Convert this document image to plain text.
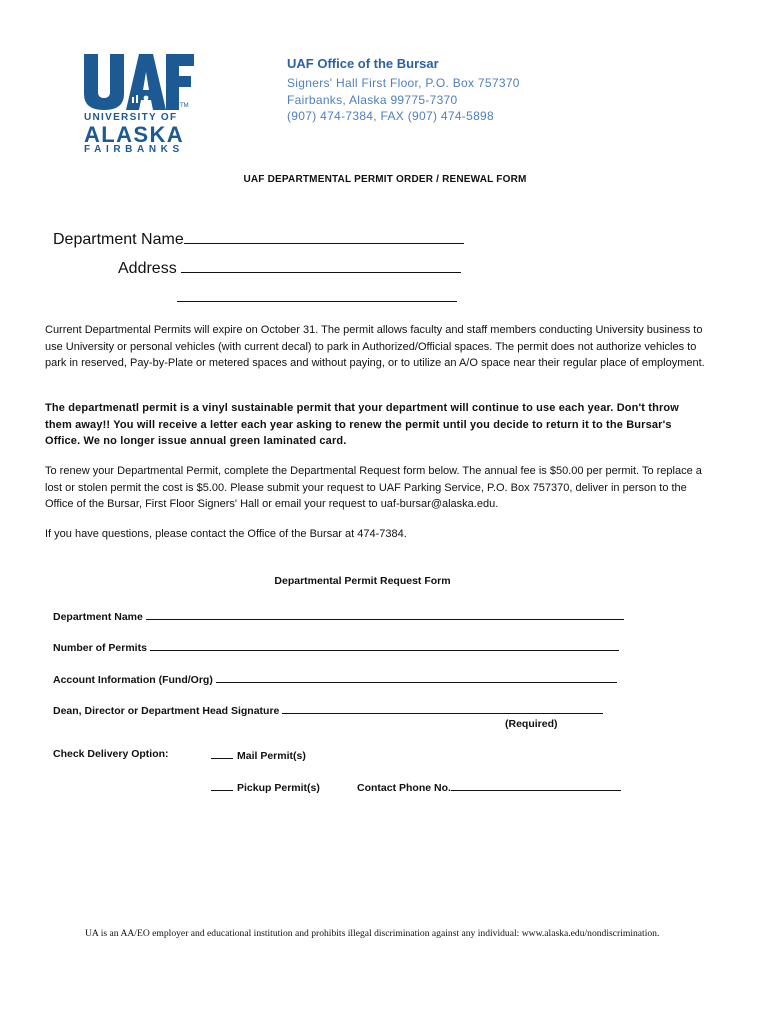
TM
UNIVERSITY OF
ALASKA
FAIRBANKS
UAF Office of the Bursar
Signers' Hall First Floor, P.O. Box 757370
Fairbanks, Alaska 99775-7370
(907) 474-7384, FAX (907) 474-5898
UAF DEPARTMENTAL PERMIT ORDER / RENEWAL FORM
Department Name
Address
Current Departmental Permits will expire on October 31. The permit allows faculty and staff members conducting University business to use University or personal vehicles (with current decal) to park in Authorized/Official spaces. The permit does not authorize vehicles to park in reserved, Pay-by-Plate or metered spaces and without paying, or to utilize an A/O space near their regular place of employment.
The departmenatl permit is a vinyl sustainable permit that your department will continue to use each year. Don't throw them away!! You will receive a letter each year asking to renew the permit until you decide to return it to the Bursar's Office. We no longer issue annual green laminated card.
To renew your Departmental Permit, complete the Departmental Request form below. The annual fee is $50.00 per permit. To replace a lost or stolen permit the cost is $5.00. Please submit your request to UAF Parking Service, P.O. Box 757370, deliver in person to the Office of the Bursar, First Floor Signers' Hall or email your request to uaf-bursar@alaska.edu.
If you have questions, please contact the Office of the Bursar at 474-7384.
Departmental Permit Request Form
Department Name
Number of Permits
Account Information (Fund/Org)
Dean, Director or Department Head Signature
(Required)
Check Delivery Option:	Mail Permit(s)
Pickup Permit(s)	Contact Phone No.
UA is an AA/EO employer and educational institution and prohibits illegal discrimination against any individual: www.alaska.edu/nondiscrimination.
